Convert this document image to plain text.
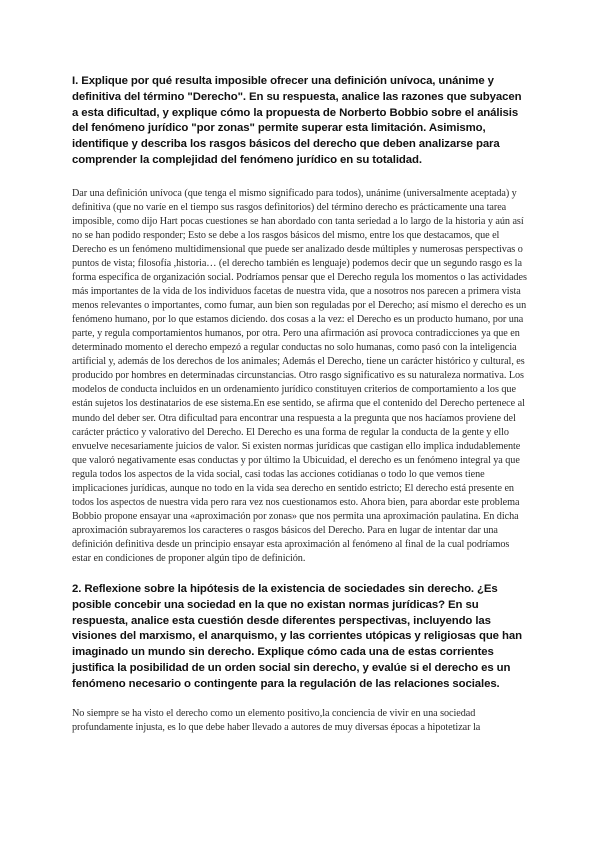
I. Explique por qué resulta imposible ofrecer una definición unívoca, unánime y definitiva del término "Derecho". En su respuesta, analice las razones que subyacen a esta dificultad, y explique cómo la propuesta de Norberto Bobbio sobre el análisis del fenómeno jurídico "por zonas" permite superar esta limitación. Asimismo, identifique y describa los rasgos básicos del derecho que deben analizarse para comprender la complejidad del fenómeno jurídico en su totalidad.

Dar una definición unívoca (que tenga el mismo significado para todos), unánime (universalmente aceptada) y definitiva (que no varíe en el tiempo sus rasgos definitorios) del término derecho es prácticamente una tarea imposible, como dijo Hart pocas cuestiones se han abordado con tanta seriedad a lo largo de la historia y aún así no se han podido responder; Esto se debe a los rasgos básicos del mismo, entre los que destacamos, que el Derecho es un fenómeno multidimensional que puede ser analizado desde múltiples y numerosas perspectivas o puntos de vista; filosofía ,historia… (el derecho también es lenguaje) podemos decir que un segundo rasgo es la forma específica de organización social. Podríamos pensar que el Derecho regula los momentos o las actividades más importantes de la vida de los individuos facetas de nuestra vida, que a nosotros nos parecen a primera vista menos relevantes o importantes, como fumar, aun bien son reguladas por el Derecho; así mismo el derecho es un fenómeno humano, por lo que estamos diciendo. dos cosas a la vez: el Derecho es un producto humano, por una parte, y regula comportamientos humanos, por otra. Pero una afirmación así provoca contradicciones ya que en determinado momento el derecho empezó a regular conductas no solo humanas, como pasó con la inteligencia artificial y, además de los derechos de los animales; Además el Derecho, tiene un carácter histórico y cultural, es producido por hombres en determinadas circunstancias. Otro rasgo significativo es su naturaleza normativa. Los modelos de conducta incluidos en un ordenamiento jurídico constituyen criterios de comportamiento a los que están sujetos los destinatarios de ese sistema.En ese sentido, se afirma que el contenido del Derecho pertenece al mundo del deber ser. Otra dificultad para encontrar una respuesta a la pregunta que nos hacíamos proviene del carácter práctico y valorativo del Derecho. El Derecho es una forma de regular la conducta de la gente y ello envuelve necesariamente juicios de valor. Si existen normas jurídicas que castigan ello implica indudablemente que valoró negativamente esas conductas y por último la Ubicuidad, el derecho es un fenómeno integral ya que regula todos los aspectos de la vida social, casi todas las acciones cotidianas o todo lo que vemos tiene implicaciones jurídicas, aunque no todo en la vida sea derecho en sentido estricto; El derecho está presente en todos los aspectos de nuestra vida pero rara vez nos cuestionamos esto. Ahora bien, para abordar este problema Bobbio propone ensayar una «aproximación por zonas» que nos permita una aproximación paulatina. En dicha aproximación subrayaremos los caracteres o rasgos básicos del Derecho. Para en lugar de intentar dar una definición definitiva desde un principio ensayar esta aproximación al fenómeno al final de la cual podríamos estar en condiciones de proponer algún tipo de definición.

2. Reflexione sobre la hipótesis de la existencia de sociedades sin derecho. ¿Es posible concebir una sociedad en la que no existan normas jurídicas? En su respuesta, analice esta cuestión desde diferentes perspectivas, incluyendo las visiones del marxismo, el anarquismo, y las corrientes utópicas y religiosas que han imaginado un mundo sin derecho. Explique cómo cada una de estas corrientes justifica la posibilidad de un orden social sin derecho, y evalúe si el derecho es un fenómeno necesario o contingente para la regulación de las relaciones sociales.

No siempre se ha visto el derecho como un elemento positivo,la conciencia de vivir en una sociedad profundamente injusta, es lo que debe haber llevado a autores de muy diversas épocas a hipotetizar la
